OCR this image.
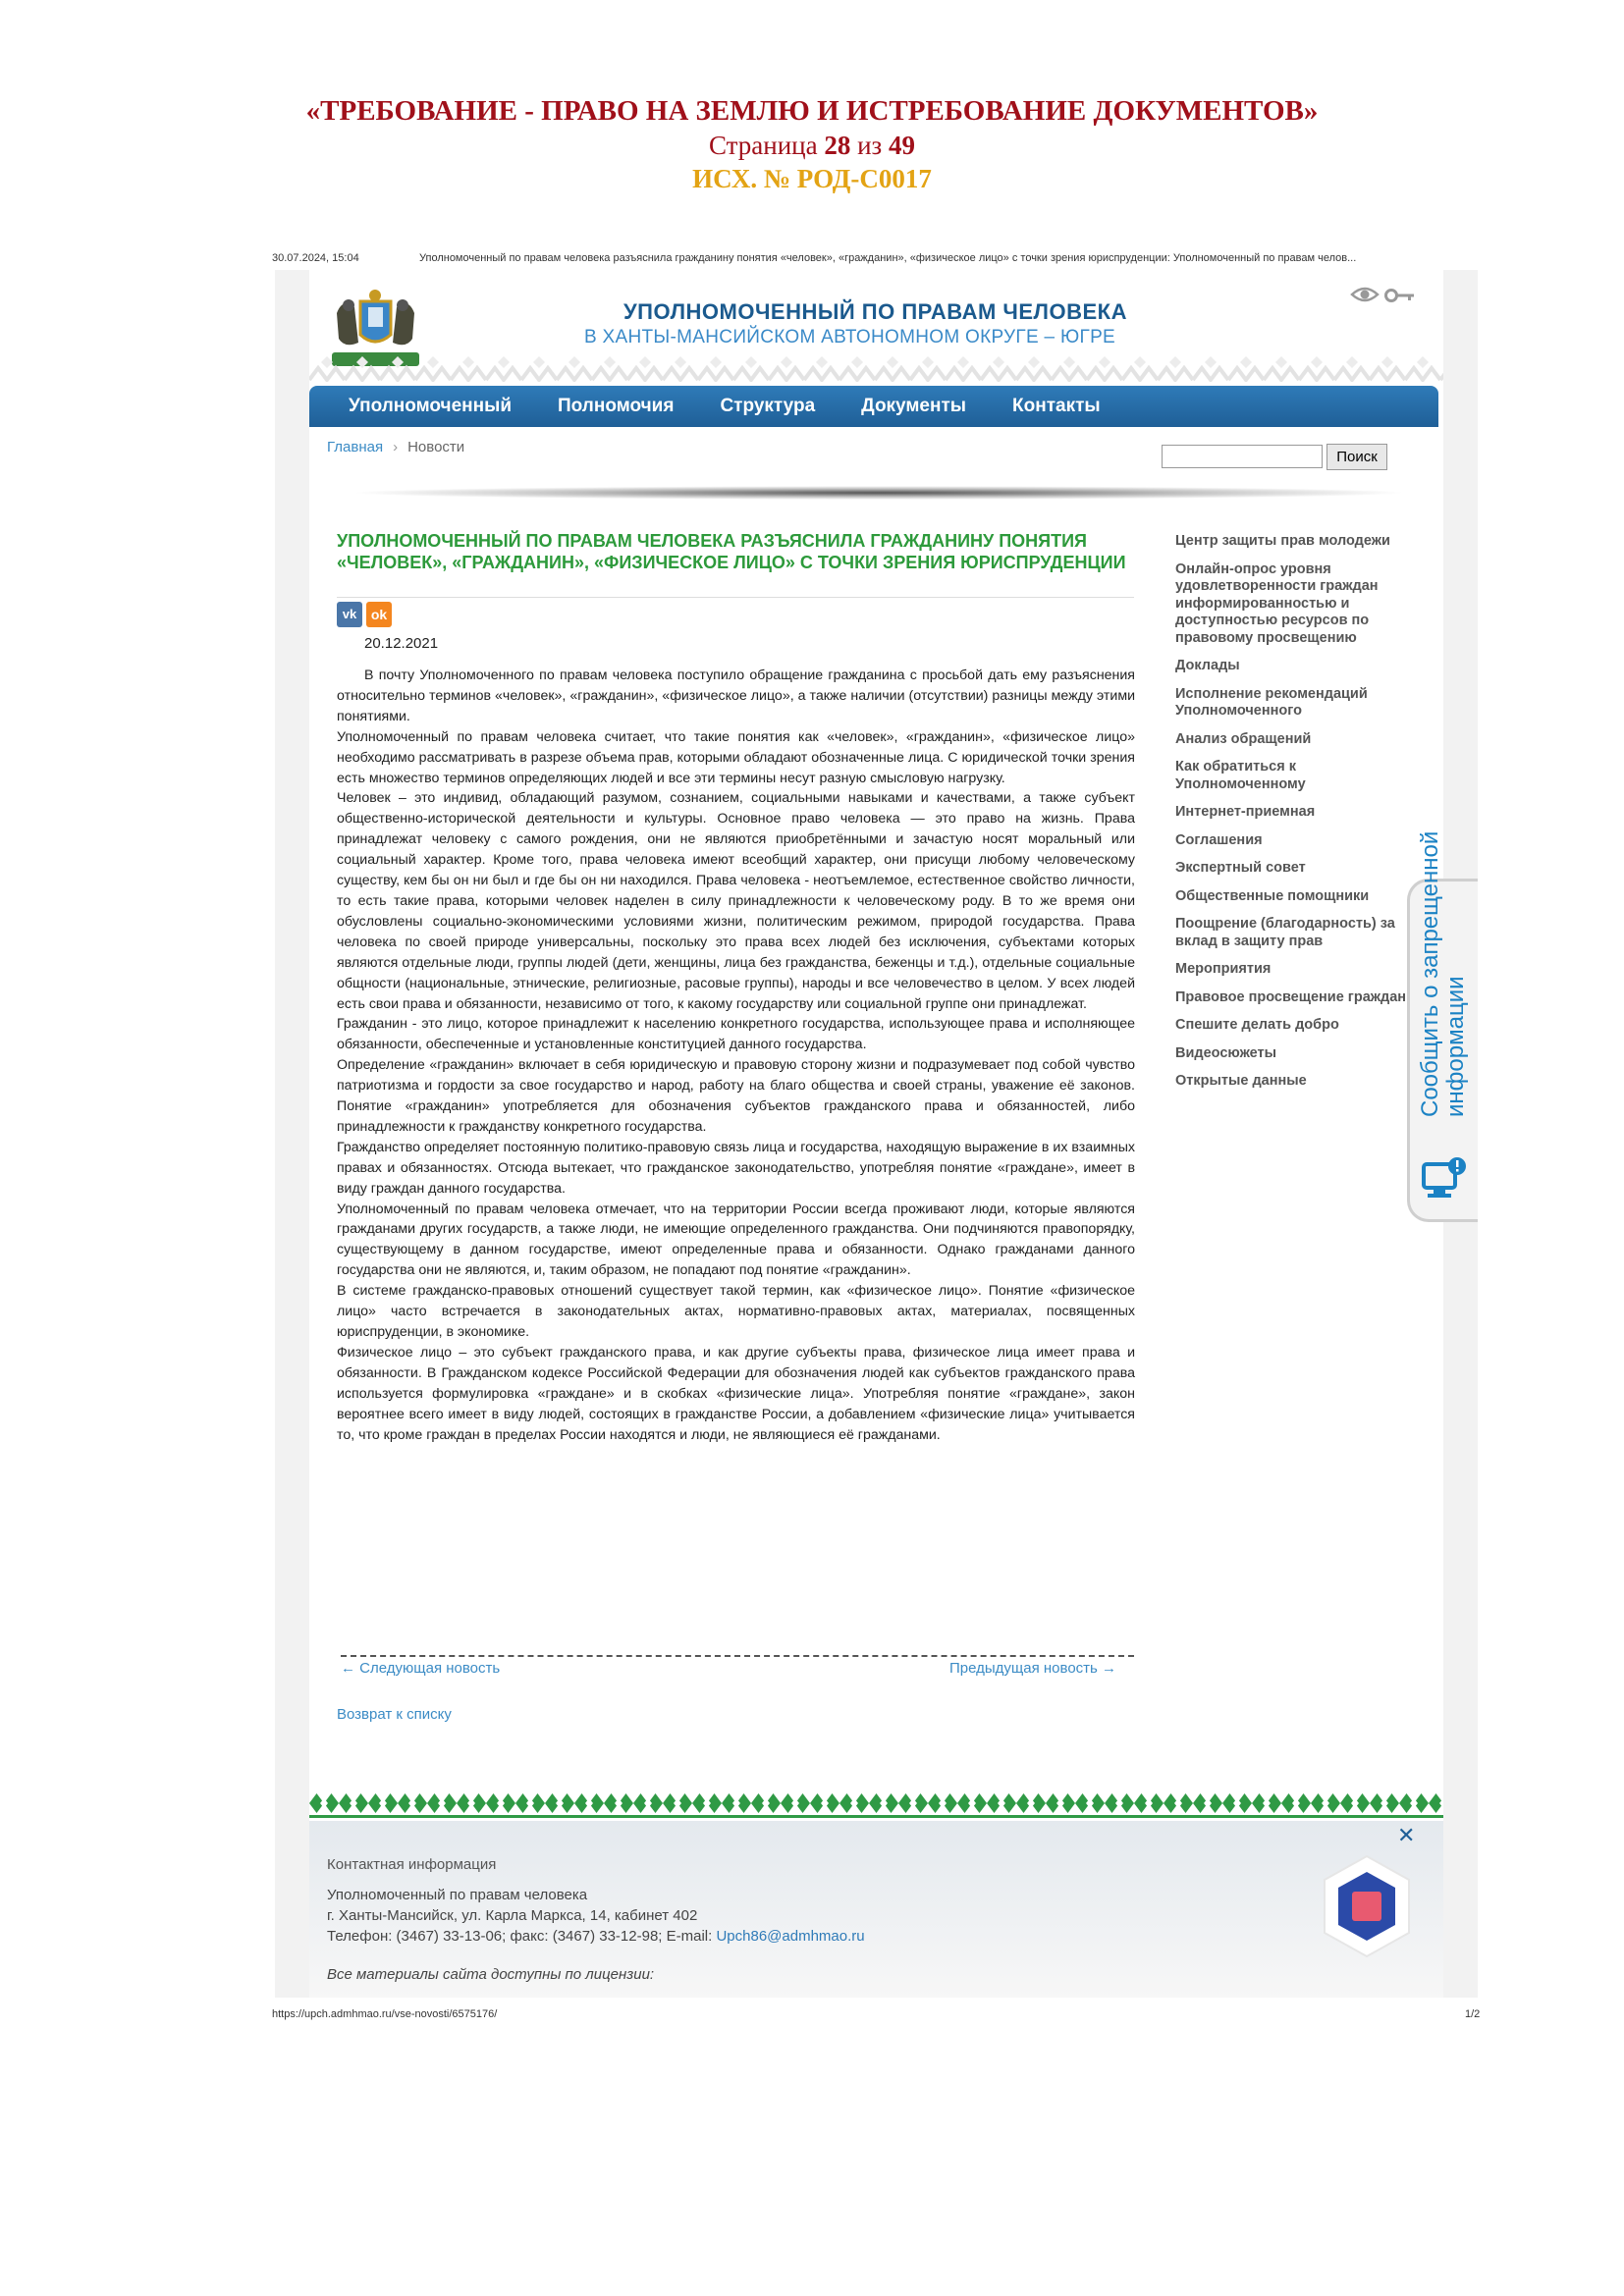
«ТРЕБОВАНИЕ - ПРАВО НА ЗЕМЛЮ И ИСТРЕБОВАНИЕ ДОКУМЕНТОВ»
Страница 28 из 49
ИСХ. № РОД-С0017
30.07.2024, 15:04	Уполномоченный по правам человека разъяснила гражданину понятия «человек», «гражданин», «физическое лицо» с точки зрения юриспруденции: Уполномоченный по правам челов...
УПОЛНОМОЧЕННЫЙ ПО ПРАВАМ ЧЕЛОВЕКА
В ХАНТЫ-МАНСИЙСКОМ АВТОНОМНОМ ОКРУГЕ – ЮГРЕ
Уполномоченный Полномочия Структура Документы Контакты
Главная › Новости
Поиск
УПОЛНОМОЧЕННЫЙ ПО ПРАВАМ ЧЕЛОВЕКА РАЗЪЯСНИЛА ГРАЖДАНИНУ ПОНЯТИЯ «ЧЕЛОВЕК», «ГРАЖДАНИН», «ФИЗИЧЕСКОЕ ЛИЦО» С ТОЧКИ ЗРЕНИЯ ЮРИСПРУДЕНЦИИ
vk	ok
20.12.2021

В почту Уполномоченного по правам человека поступило обращение гражданина с просьбой дать ему разъяснения относительно терминов «человек», «гражданин», «физическое лицо», а также наличии (отсутствии) разницы между этими понятиями.

Уполномоченный по правам человека считает, что такие понятия как «человек», «гражданин», «физическое лицо» необходимо рассматривать в разрезе объема прав, которыми обладают обозначенные лица. С юридической точки зрения есть множество терминов определяющих людей и все эти термины несут разную смысловую нагрузку.

Человек – это индивид, обладающий разумом, сознанием, социальными навыками и качествами, а также субъект общественно-исторической деятельности и культуры. Основное право человека — это право на жизнь. Права принадлежат человеку с самого рождения, они не являются приобретёнными и зачастую носят моральный или социальный характер. Кроме того, права человека имеют всеобщий характер, они присущи любому человеческому существу, кем бы он ни был и где бы он ни находился. Права человека - неотъемлемое, естественное свойство личности, то есть такие права, которыми человек наделен в силу принадлежности к человеческому роду. В то же время они обусловлены социально-экономическими условиями жизни, политическим режимом, природой государства. Права человека по своей природе универсальны, поскольку это права всех людей без исключения, субъектами которых являются отдельные люди, группы людей (дети, женщины, лица без гражданства, беженцы и т.д.), отдельные социальные общности (национальные, этнические, религиозные, расовые группы), народы и все человечество в целом. У всех людей есть свои права и обязанности, независимо от того, к какому государству или социальной группе они принадлежат.

Гражданин - это лицо, которое принадлежит к населению конкретного государства, использующее права и исполняющее обязанности, обеспеченные и установленные конституцией данного государства.

Определение «гражданин» включает в себя юридическую и правовую сторону жизни и подразумевает под собой чувство патриотизма и гордости за свое государство и народ, работу на благо общества и своей страны, уважение её законов. Понятие «гражданин» употребляется для обозначения субъектов гражданского права и обязанностей, либо принадлежности к гражданству конкретного государства.

Гражданство определяет постоянную политико-правовую связь лица и государства, находящую выражение в их взаимных правах и обязанностях. Отсюда вытекает, что гражданское законодательство, употребляя понятие «граждане», имеет в виду граждан данного государства.

Уполномоченный по правам человека отмечает, что на территории России всегда проживают люди, которые являются гражданами других государств, а также люди, не имеющие определенного гражданства. Они подчиняются правопорядку, существующему в данном государстве, имеют определенные права и обязанности. Однако гражданами данного государства они не являются, и, таким образом, не попадают под понятие «гражданин».

В системе гражданско-правовых отношений существует такой термин, как «физическое лицо». Понятие «физическое лицо» часто встречается в законодательных актах, нормативно-правовых актах, материалах, посвященных юриспруденции, в экономике.

Физическое лицо – это субъект гражданского права, и как другие субъекты права, физическое лица имеет права и обязанности. В Гражданском кодексе Российской Федерации для обозначения людей как субъектов гражданского права используется формулировка «граждане» и в скобках «физические лица». Употребляя понятие «граждане», закон вероятнее всего имеет в виду людей, состоящих в гражданстве России, а добавлением «физические лица» учитывается то, что кроме граждан в пределах России находятся и люди, не являющиеся её гражданами.

← Следующая новость	Предыдущая новость →
Возврат к списку
Центр защиты прав молодежи
Онлайн-опрос уровня удовлетворенности граждан информированностью и доступностью ресурсов по правовому просвещению
Доклады
Исполнение рекомендаций Уполномоченного
Анализ обращений
Как обратиться к Уполномоченному
Интернет-приемная
Соглашения
Экспертный совет
Общественные помощники
Поощрение (благодарность) за вклад в защиту прав
Мероприятия
Правовое просвещение граждан
Спешите делать добро
Видеосюжеты
Открытые данные
Контактная информация
Уполномоченный по правам человека
г. Ханты-Мансийск, ул. Карла Маркса, 14, кабинет 402
Телефон: (3467) 33-13-06; факс: (3467) 33-12-98; E-mail: Upch86@admhmao.ru
Все материалы сайта доступны по лицензии:
✕
Сообщить о запрещенной информации
https://upch.admhmao.ru/vse-novosti/6575176/	1/2
